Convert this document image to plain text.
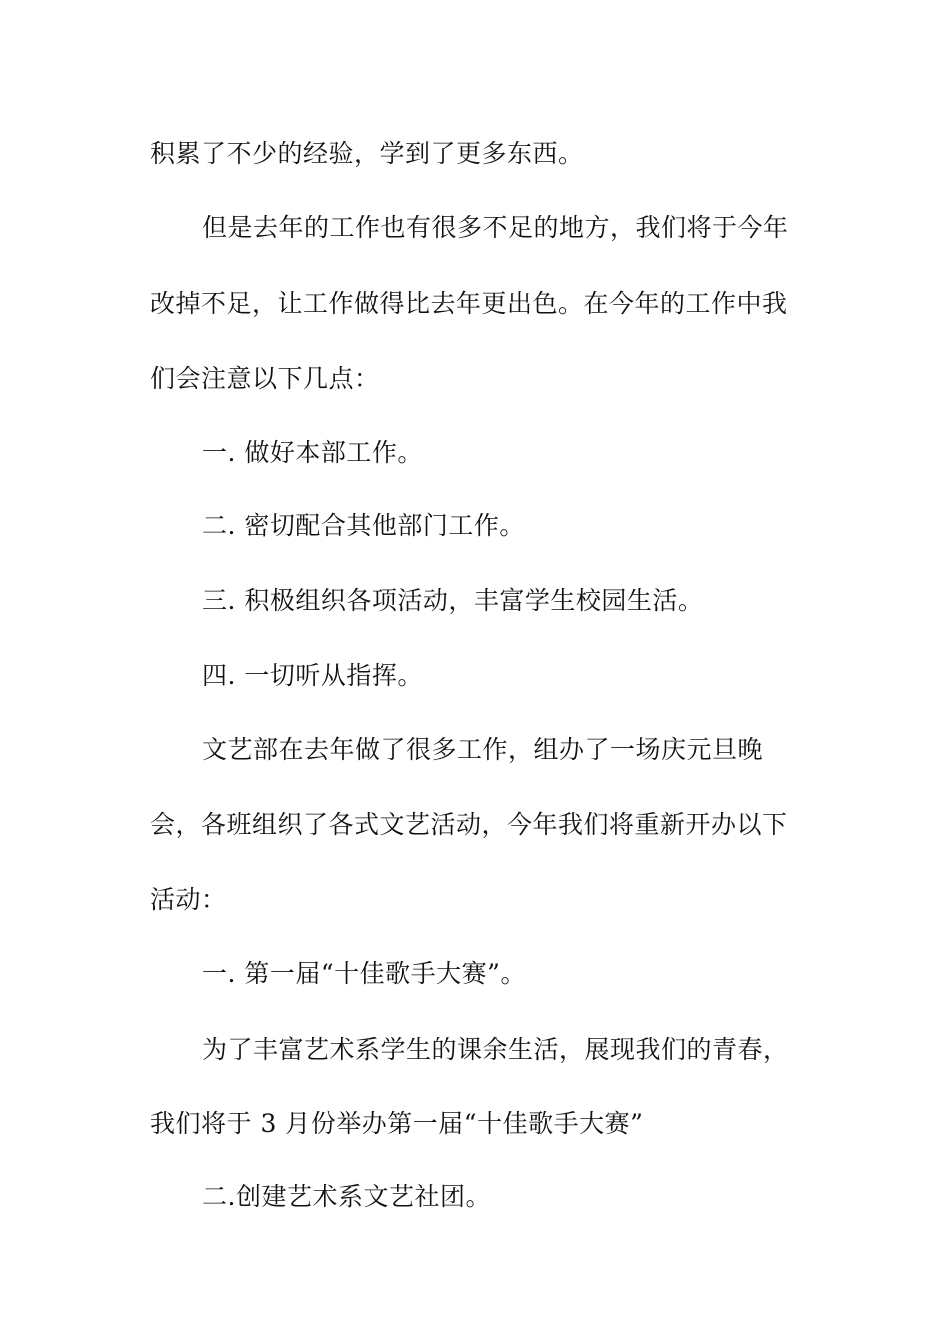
积累了不少的经验，学到了更多东西。
但是去年的工作也有很多不足的地方，我们将于今年
改掉不足，让工作做得比去年更出色。在今年的工作中我
们会注意以下几点：
一. 做好本部工作。
二. 密切配合其他部门工作。
三. 积极组织各项活动，丰富学生校园生活。
四. 一切听从指挥。
文艺部在去年做了很多工作，组办了一场庆元旦晚
会，各班组织了各式文艺活动，今年我们将重新开办以下
活动：
一. 第一届“十佳歌手大赛”。
为了丰富艺术系学生的课余生活，展现我们的青春，
我们将于 3 月份举办第一届“十佳歌手大赛”
二.创建艺术系文艺社团。
